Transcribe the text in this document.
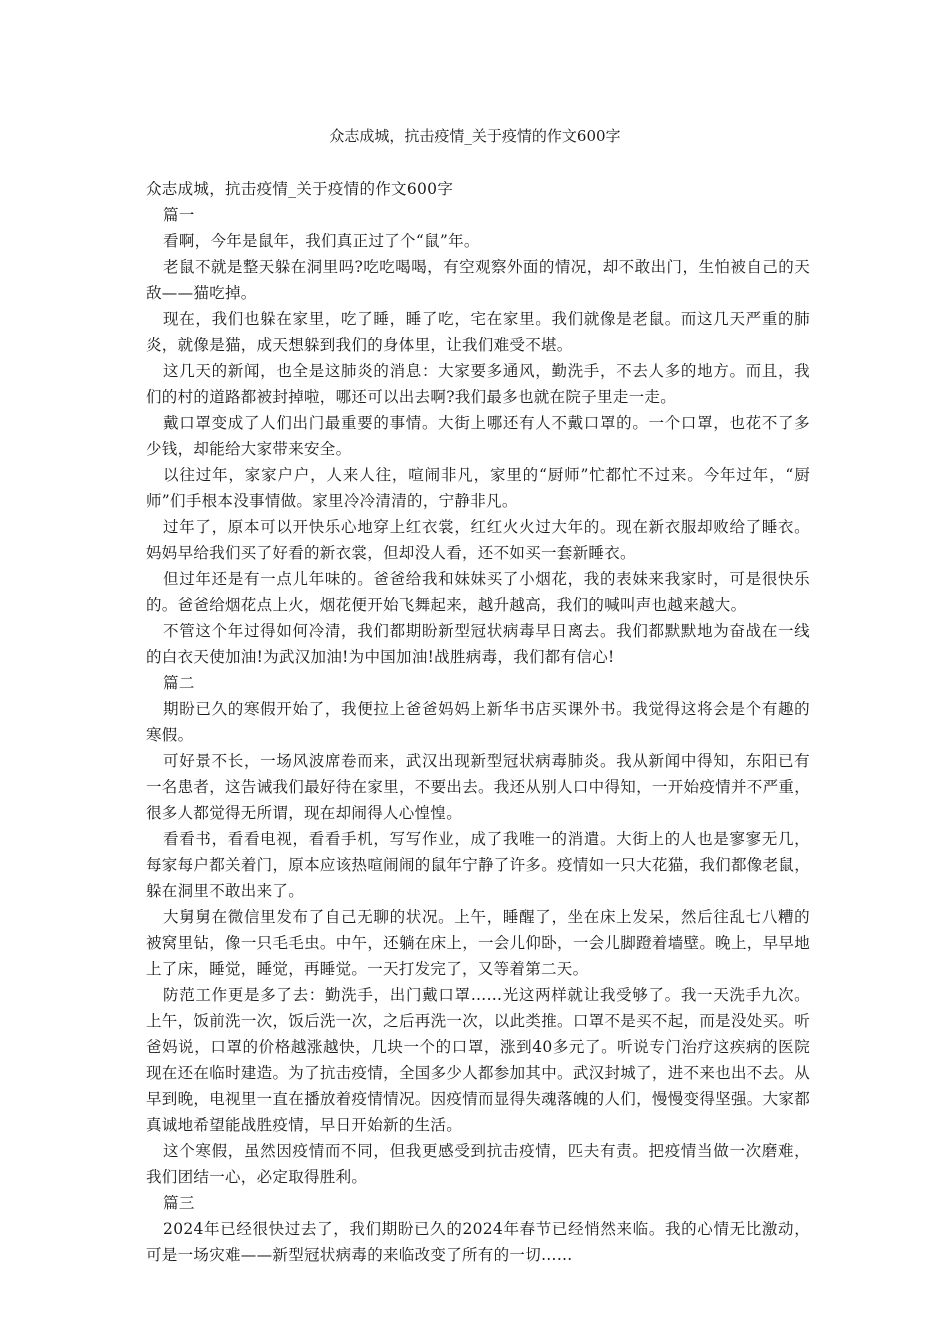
众志成城，抗击疫情_关于疫情的作文600字

众志成城，抗击疫情_关于疫情的作文600字

篇一

看啊，今年是鼠年，我们真正过了个“鼠”年。

老鼠不就是整天躲在洞里吗?吃吃喝喝，有空观察外面的情况，却不敢出门，生怕被自己的天敌——猫吃掉。

现在，我们也躲在家里，吃了睡，睡了吃，宅在家里。我们就像是老鼠。而这几天严重的肺炎，就像是猫，成天想躲到我们的身体里，让我们难受不堪。

这几天的新闻，也全是这肺炎的消息：大家要多通风，勤洗手，不去人多的地方。而且，我们的村的道路都被封掉啦，哪还可以出去啊?我们最多也就在院子里走一走。

戴口罩变成了人们出门最重要的事情。大街上哪还有人不戴口罩的。一个口罩，也花不了多少钱，却能给大家带来安全。

以往过年，家家户户，人来人往，喧闹非凡，家里的“厨师”忙都忙不过来。今年过年，“厨师”们手根本没事情做。家里冷冷清清的，宁静非凡。

过年了，原本可以开快乐心地穿上红衣裳，红红火火过大年的。现在新衣服却败给了睡衣。妈妈早给我们买了好看的新衣裳，但却没人看，还不如买一套新睡衣。

但过年还是有一点儿年味的。爸爸给我和妹妹买了小烟花，我的表妹来我家时，可是很快乐的。爸爸给烟花点上火，烟花便开始飞舞起来，越升越高，我们的喊叫声也越来越大。

不管这个年过得如何冷清，我们都期盼新型冠状病毒早日离去。我们都默默地为奋战在一线的白衣天使加油!为武汉加油!为中国加油!战胜病毒，我们都有信心!

篇二

期盼已久的寒假开始了，我便拉上爸爸妈妈上新华书店买课外书。我觉得这将会是个有趣的寒假。

可好景不长，一场风波席卷而来，武汉出现新型冠状病毒肺炎。我从新闻中得知，东阳已有一名患者，这告诫我们最好待在家里，不要出去。我还从别人口中得知，一开始疫情并不严重，很多人都觉得无所谓，现在却闹得人心惶惶。

看看书，看看电视，看看手机，写写作业，成了我唯一的消遣。大街上的人也是寥寥无几，每家每户都关着门，原本应该热喧闹闹的鼠年宁静了许多。疫情如一只大花猫，我们都像老鼠，躲在洞里不敢出来了。

大舅舅在微信里发布了自己无聊的状况。上午，睡醒了，坐在床上发呆，然后往乱七八糟的被窝里钻，像一只毛毛虫。中午，还躺在床上，一会儿仰卧，一会儿脚蹬着墙壁。晚上，早早地上了床，睡觉，睡觉，再睡觉。一天打发完了，又等着第二天。

防范工作更是多了去：勤洗手，出门戴口罩……光这两样就让我受够了。我一天洗手九次。上午，饭前洗一次，饭后洗一次，之后再洗一次，以此类推。口罩不是买不起，而是没处买。听爸妈说，口罩的价格越涨越快，几块一个的口罩，涨到40多元了。听说专门治疗这疾病的医院现在还在临时建造。为了抗击疫情，全国多少人都参加其中。武汉封城了，进不来也出不去。从早到晚，电视里一直在播放着疫情情况。因疫情而显得失魂落魄的人们，慢慢变得坚强。大家都真诚地希望能战胜疫情，早日开始新的生活。

这个寒假，虽然因疫情而不同，但我更感受到抗击疫情，匹夫有责。把疫情当做一次磨难，我们团结一心，必定取得胜利。

篇三

2024年已经很快过去了，我们期盼已久的2024年春节已经悄然来临。我的心情无比激动，可是一场灾难——新型冠状病毒的来临改变了所有的一切……
